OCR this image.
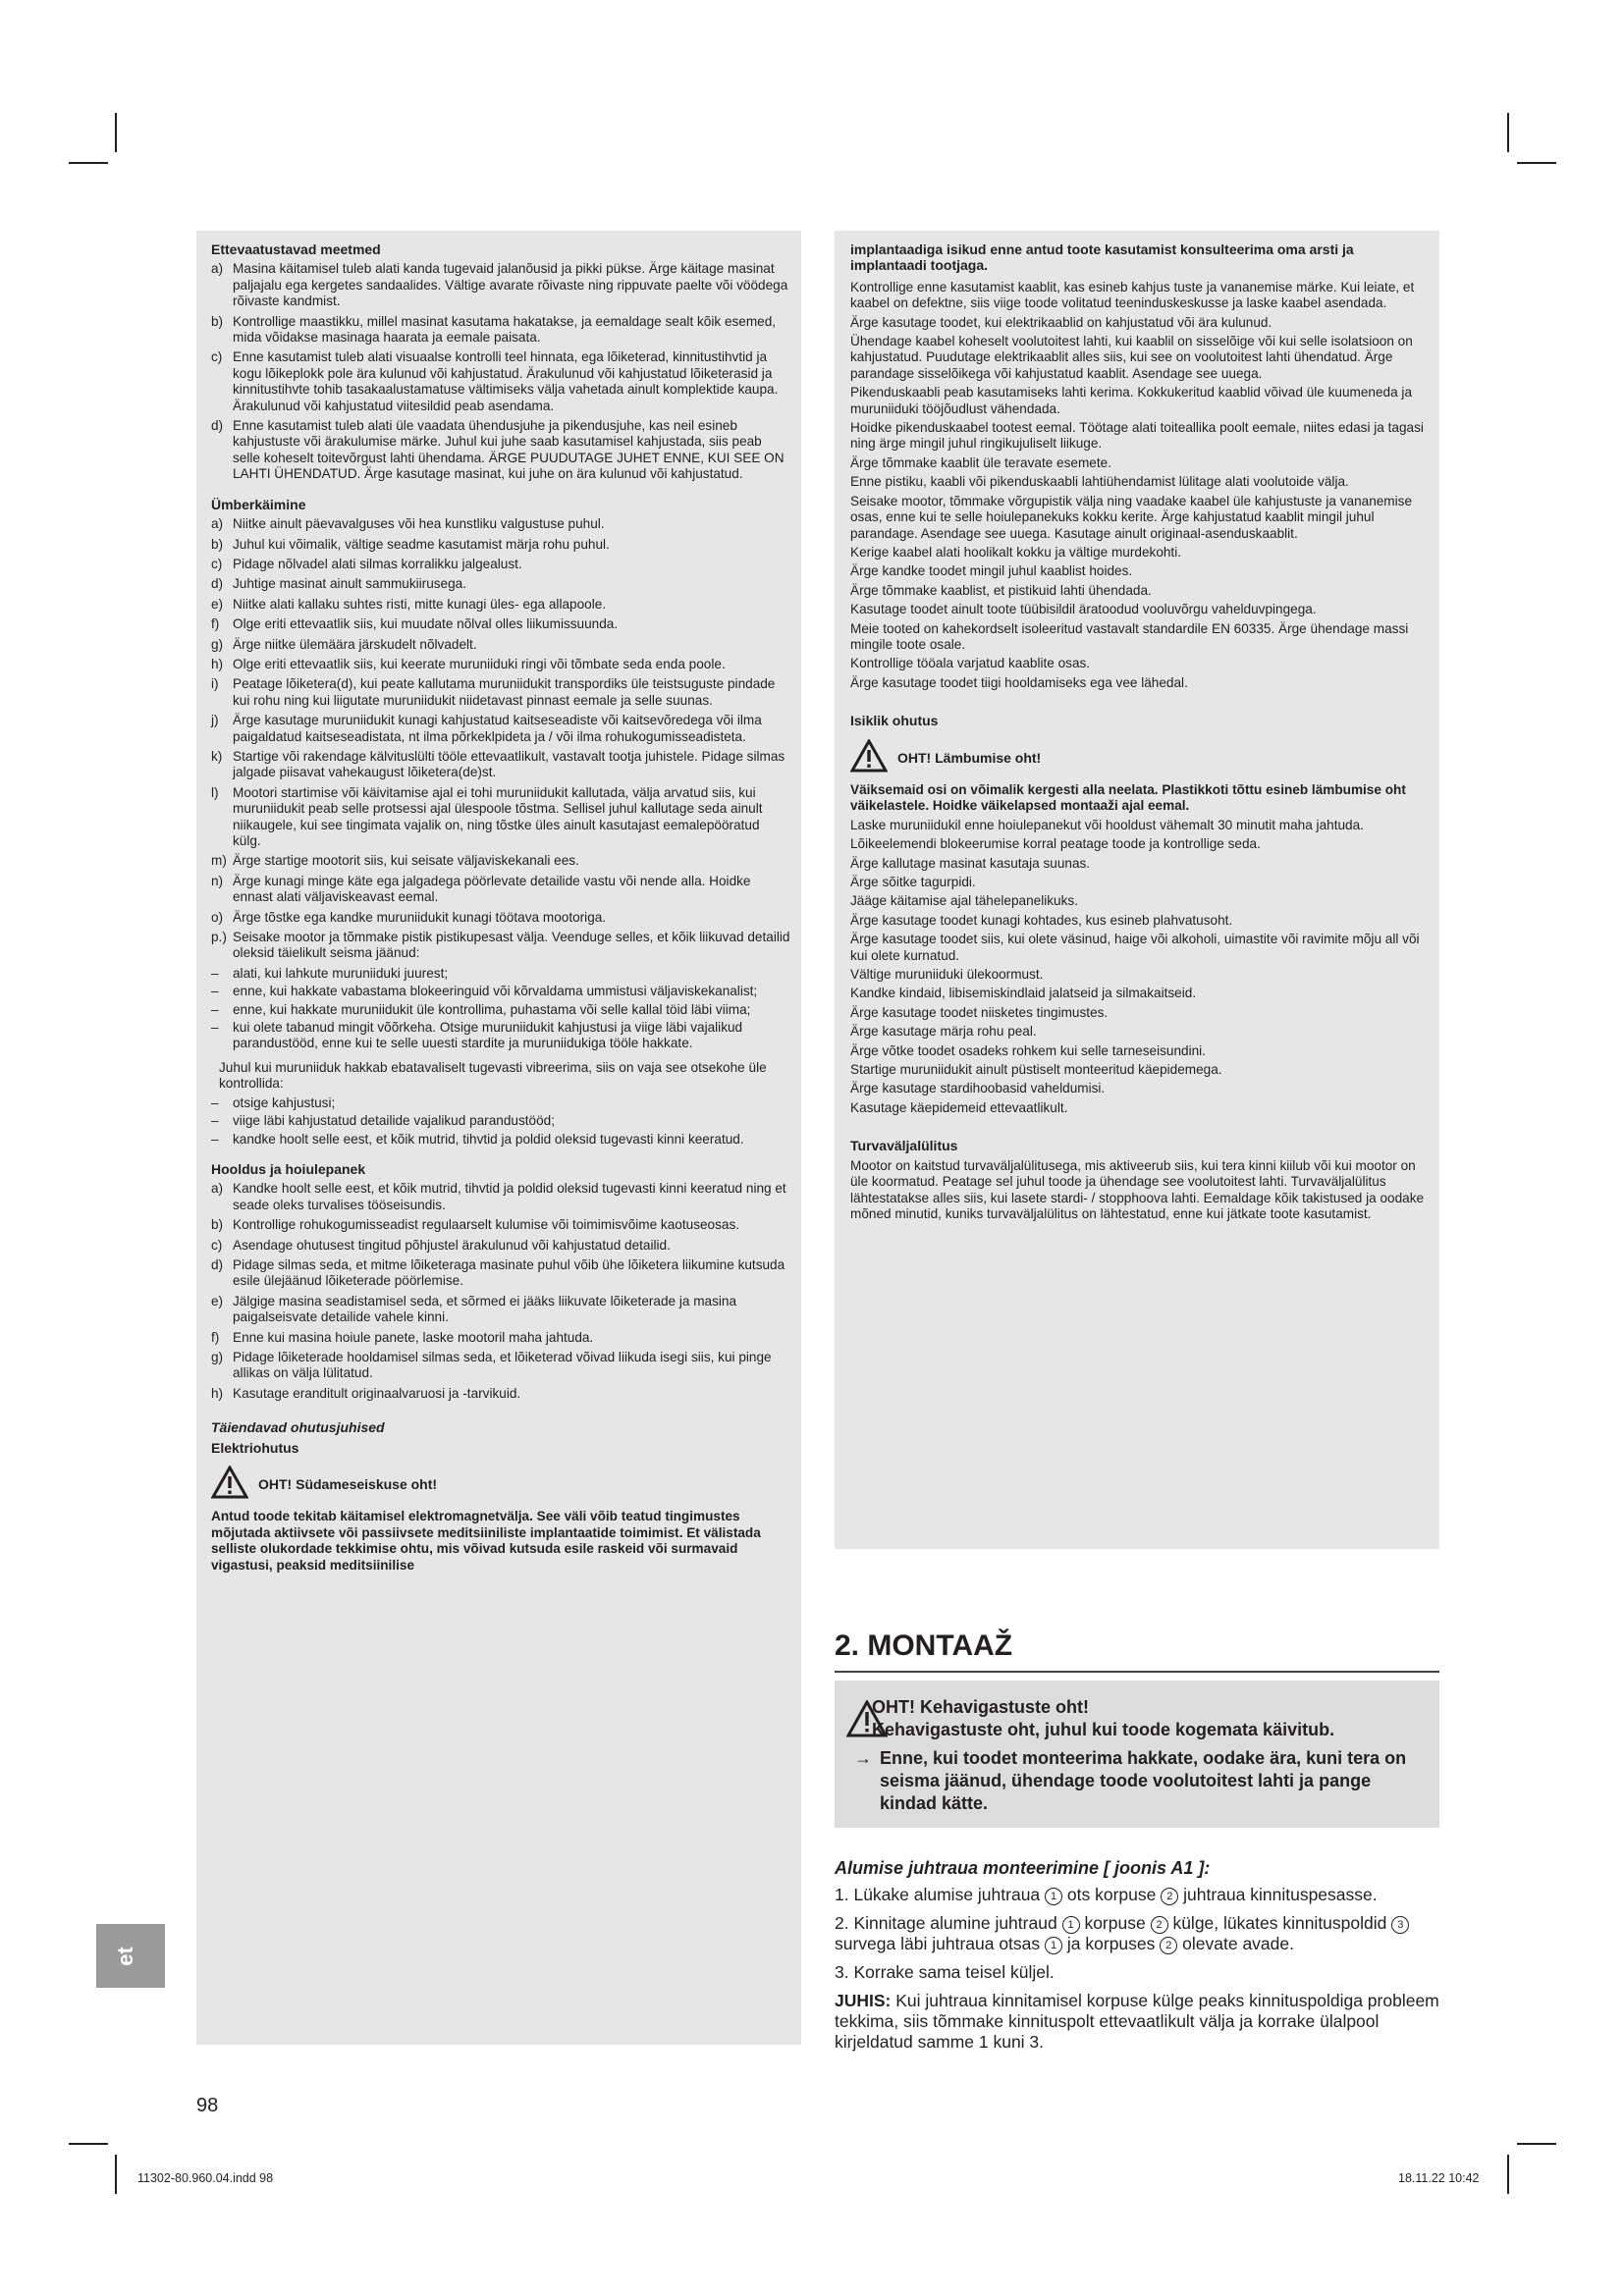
Ettevaatustavad meetmed
a) Masina käitamisel tuleb alati kanda tugevaid jalanõusid ja pikki pükse. Ärge käitage masinat paljajalu ega kergetes sandaalides. Vältige avarate rõivaste ning rippuvate paelte või vöödega rõivaste kandmist.
b) Kontrollige maastikku, millel masinat kasutama hakatakse, ja eemaldage sealt kõik esemed, mida võidakse masinaga haarata ja eemale paisata.
c) Enne kasutamist tuleb alati visuaalse kontrolli teel hinnata, ega lõiketerad, kinnitustihvtid ja kogu lõikeplokk pole ära kulunud või kahjustatud. Ärakulunud või kahjustatud lõiketerasid ja kinnitustihvte tohib tasakaalustamatuse vältimiseks välja vahetada ainult komplektide kaupa. Ärakulunud või kahjustatud viitesildid peab asendama.
d) Enne kasutamist tuleb alati üle vaadata ühendusjuhe ja pikendusjuhe, kas neil esineb kahjustuste või ärakulumise märke. Juhul kui juhe saab kasutamisel kahjustada, siis peab selle koheselt toitevõrgust lahti ühendama. ÄRGE PUUDUTAGE JUHET ENNE, KUI SEE ON LAHTI ÜHENDATUD. Ärge kasutage masinat, kui juhe on ära kulunud või kahjustatud.
Ümberkäimine
a) Niitke ainult päevavalguses või hea kunstliku valgustuse puhul.
b) Juhul kui võimalik, vältige seadme kasutamist märja rohu puhul.
c) Pidage nõlvadel alati silmas korralikku jalgealust.
d) Juhtige masinat ainult sammukiirusega.
e) Niitke alati kallaku suhtes risti, mitte kunagi üles- ega allapoole.
f) Olge eriti ettevaatlik siis, kui muudate nõlval olles liikumissuunda.
g) Ärge niitke ülemäära järskudelt nõlvadelt.
h) Olge eriti ettevaatlik siis, kui keerate muruniiduki ringi või tõmbate seda enda poole.
i) Peatage lõiketera(d), kui peate kallutama muruniidukit transpordiks üle teistsuguste pindade kui rohu ning kui liigutate muruniidukit niidetavast pinnast eemale ja selle suunas.
j) Ärge kasutage muruniidukit kunagi kahjustatud kaitseseadiste või kaitsevõredega või ilma paigaldatud kaitseseadistata, nt ilma põrkeklpideta ja / või ilma rohukogumisseadisteta.
k) Startige või rakendage kälvituslülti tööle ettevaatlikult, vastavalt tootja juhistele. Pidage silmas jalgade piisavat vahekaugust lõiketera(de)st.
l) Mootori startimise või käivitamise ajal ei tohi muruniidukit kallutada, välja arvatud siis, kui muruniidukit peab selle protsessi ajal ülespoole tõstma. Sellisel juhul kallutage seda ainult niikaugele, kui see tingimata vajalik on, ning tõstke üles ainult kasutajast eemalepööratud külg.
m) Ärge startige mootorit siis, kui seisate väljaviskekanali ees.
n) Ärge kunagi minge käte ega jalgadega pöörlevate detailide vastu või nende alla. Hoidke ennast alati väljaviskeavast eemal.
o) Ärge tõstke ega kandke muruniidukit kunagi töötava mootoriga.
p.) Seisake mootor ja tõmmake pistik pistikupesast välja. Veenduge selles, et kõik liikuvad detailid oleksid täielikult seisma jäänud:
– alati, kui lahkute muruniiduki juurest;
– enne, kui hakkate vabastama blokeeringuid või kõrvaldama ummistusi väljaviskekanalist;
– enne, kui hakkate muruniidukit üle kontrollima, puhastama või selle kallal töid läbi viima;
– kui olete tabanud mingit võõrkeha. Otsige muruniidukit kahjustusi ja viige läbi vajalikud parandustööd, enne kui te selle uuesti stardite ja muruniidukiga tööle hakkate.

Juhul kui muruniiduk hakkab ebatavaliselt tugevasti vibreerima, siis on vaja see otsekohe üle kontrollida:

– otsige kahjustusi;
– viige läbi kahjustatud detailide vajalikud parandustööd;
– kandke hoolt selle eest, et kõik mutrid, tihvtid ja poldid oleksid tugevasti kinni keeratud.
Hooldus ja hoiulepanek
a) Kandke hoolt selle eest, et kõik mutrid, tihvtid ja poldid oleksid tugevasti kinni keeratud ning et seade oleks turvalises tööseisundis.
b) Kontrollige rohukogumisseadist regulaarselt kulumise või toimimisvõime kaotuseosas.
c) Asendage ohutusest tingitud põhjustel ärakulunud või kahjustatud detailid.
d) Pidage silmas seda, et mitme lõiketeraga masinate puhul võib ühe lõiketera liikumine kutsuda esile ülejäänud lõiketerade pöörlemise.
e) Jälgige masina seadistamisel seda, et sõrmed ei jääks liikuvate lõiketerade ja masina paigalseisvate detailide vahele kinni.
f) Enne kui masina hoiule panete, laske mootoril maha jahtuda.
g) Pidage lõiketerade hooldamisel silmas seda, et lõiketerad võivad liikuda isegi siis, kui pinge allikas on välja lülitatud.
h) Kasutage eranditult originaalvaruosi ja -tarvikuid.
Täiendavad ohutusjuhised
Elektriohutus
OHT! Südameseiskuse oht!

Antud toode tekitab käitamisel elektromagnetvälja. See väli võib teatud tingimustes mõjutada aktiivsete või passiivsete meditsiiniliste implantaatide toimimist. Et välistada selliste olukordade tekkimise ohtu, mis võivad kutsuda esile raskeid või surmavaid vigastusi, peaksid meditsiinilise

implantaadiga isikud enne antud toote kasutamist konsulteerima oma arsti ja implantaadi tootjaga.

Kontrollige enne kasutamist kaablit, kas esineb kahjus tuste ja vananemise märke. Kui leiate, et kaabel on defektne, siis viige toode volitatud teeninduskeskusse ja laske kaabel asendada.

Ärge kasutage toodet, kui elektrikaablid on kahjustatud või ära kulunud.

Ühendage kaabel koheselt voolutoitest lahti, kui kaablil on sisselõige või kui selle isolatsioon on kahjustatud. Puudutage elektrikaablit alles siis, kui see on voolutoitest lahti ühendatud. Ärge parandage sisselõikega või kahjustatud kaablit. Asendage see uuega.

Pikenduskaabli peab kasutamiseks lahti kerima. Kokkukeritud kaablid võivad üle kuumeneda ja muruniiduki tööjõudlust vähendada.

Hoidke pikenduskaabel tootest eemal. Töötage alati toiteallika poolt eemale, niites edasi ja tagasi ning ärge mingil juhul ringikujuliselt liikuge.

Ärge tõmmake kaablit üle teravate esemete.

Enne pistiku, kaabli või pikenduskaabli lahtiühendamist lülitage alati voolutoide välja.

Seisake mootor, tõmmake võrgupistik välja ning vaadake kaabel üle kahjustuste ja vananemise osas, enne kui te selle hoiulepanekuks kokku kerite. Ärge kahjustatud kaablit mingil juhul parandage. Asendage see uuega. Kasutage ainult originaal-asenduskaablit.

Kerige kaabel alati hoolikalt kokku ja vältige murdekohti.

Ärge kandke toodet mingil juhul kaablist hoides.

Ärge tõmmake kaablist, et pistikuid lahti ühendada.

Kasutage toodet ainult toote tüübisildil äratoodud vooluvõrgu vahelduvpingega.

Meie tooted on kahekordselt isoleeritud vastavalt standardile EN 60335. Ärge ühendage massi mingile toote osale.

Kontrollige tööala varjatud kaablite osas.

Ärge kasutage toodet tiigi hooldamiseks ega vee lähedal.

Isiklik ohutus
OHT! Lämbumise oht!

Väiksemaid osi on võimalik kergesti alla neelata. Plastikkoti tõttu esineb lämbumise oht väikelastele. Hoidke väikelapsed montaaži ajal eemal.

Laske muruniidukil enne hoiulepanekut või hooldust vähemalt 30 minutit maha jahtuda.

Lõikeelemendi blokeerumise korral peatage toode ja kontrollige seda.

Ärge kallutage masinat kasutaja suunas.

Ärge sõitke tagurpidi.

Jääge käitamise ajal tähelepanelikuks.

Ärge kasutage toodet kunagi kohtades, kus esineb plahvatusoht.

Ärge kasutage toodet siis, kui olete väsinud, haige või alkoholi, uimastite või ravimite mõju all või kui olete kurnatud.

Vältige muruniiduki ülekoormust.

Kandke kindaid, libisemiskindlaid jalatseid ja silmakaitseid.

Ärge kasutage toodet niisketes tingimustes.

Ärge kasutage märja rohu peal.

Ärge võtke toodet osadeks rohkem kui selle tarneseisundini.

Startige muruniidukit ainult püstiselt monteeritud käepidemega.

Ärge kasutage stardihoobasid vaheldumisi.

Kasutage käepidemeid ettevaatlikult.

Turvaväljalülitus

Mootor on kaitstud turvaväljalülitusega, mis aktiveerub siis, kui tera kinni kiilub või kui mootor on üle koormatud. Peatage sel juhul toode ja ühendage see voolutoitest lahti. Turvaväljalülitus lähtestatakse alles siis, kui lasete stardi- / stopphoova lahti. Eemaldage kõik takistused ja oodake mõned minutid, kuniks turvaväljalülitus on lähtestatud, enne kui jätkate toote kasutamist.

2. MONTAAŽ
OHT! Kehavigastuste oht!
Kehavigastuste oht, juhul kui toode kogemata käivitub.
→ Enne, kui toodet monteerima hakkate, oodake ära, kuni tera on seisma jäänud, ühendage toode voolutoitest lahti ja pange kindad kätte.
Alumise juhtraua monteerimine [ joonis A1 ]:

1. Lükake alumise juhtraua 1 ots korpuse 2 juhtraua kinnituspesasse.

2. Kinnitage alumine juhtraud 1 korpuse 2 külge, lükates kinnituspoldid 3 survega läbi juhtraua otsas 1 ja korpuses 2 olevate avade.

3. Korrake sama teisel küljel.

JUHIS: Kui juhtraua kinnitamisel korpuse külge peaks kinnituspoldiga probleem tekkima, siis tõmmake kinnituspolt ettevaatlikult välja ja korrake ülalpool kirjeldatud samme 1 kuni 3.

et
98
11302-80.960.04.indd 98	18.11.22 10:42
